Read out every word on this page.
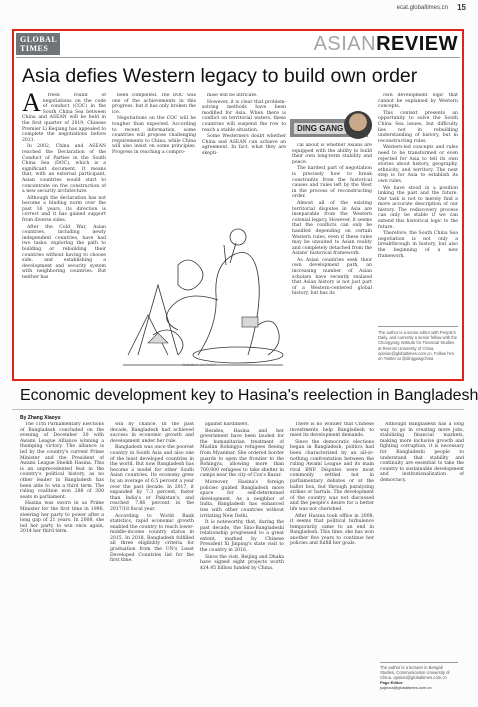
ecat.globaltimes.cn 15
GLOBAL
TIMES	ASIANREVIEW
Asia defies Western legacy to build own order
A	fresh round of negotiations on the code of conduct (COC) in the South China Sea between China and ASEAN will be held in the first quarter of 2019, Chinese Premier Li Keqiang has appealed to complete the negotiations before 2021.

In 2002, China and ASEAN reached the Declaration of the Conduct of Parties in the South China Sea (DOC), which is a significant document. It means that, with an external participant, Asian countries would start to concentrate on the construction of a new security architecture.

Although the declaration has not become a binding norm over the past 16 years, its direction is correct and it has gained support from diverse sides.

After the Cold War, Asian countries, including newly independent countries, have had two tasks: exploring the path to building or rebuilding their countries without having to choose side, and establishing a development and security system with neighboring countries. But neither has

been completed. The DOC was one of the achievements in this progress, but it has only broken the ice.

Negotiations on the COC will be tougher than expected. According to recent information, some countries will propose challenging requirements to China, while China will also insist on some principles. Progress in reaching a compro-

mise will be intricate.

However, it is clear that problem-solving methods have been modified for Asia. When there is conflict on territorial waters, these countries will suspend the row to reach a stable situation.

Some Westerners doubt whether China and ASEAN can achieve an agreement. In fact, what they are skepti-

DING GANG

cal about is whether Asians are equipped with the ability to build their own long-term stability and peace.

The hardest part of negotiation is precisely how to break constraints from the historical causes and rules left by the West in the process of reconstructing order.

Almost all of the existing territorial disputes in Asia are inseparable from the Western colonial legacy. However, it seems that the conflicts can only be handled depending on certain Western rules, even if these rules may be unsuited to Asian reality and completely detached from the Asians' historical framework.

As Asian countries seek their own development path, an increasing number of Asian scholars have recently realized that Asian history is not just part of a Western-centered global history, but has its

own development logic that cannot be explained by Western concepts.

This context presents an opportunity to solve the South China Sea issues, but difficulty lies not in rebuilding understanding of history, but in reconstructing rules.

Western-led concepts and rules need to be transformed or even rejected for Asia to tell its own stories about history, geography, ethnicity, and territory. The next step is for Asia to establish its own rules.

We have stood in a position linking the past and the future. Our task is not to merely find a more accurate description of our history. The rediscovery process can only be stable if we can extend this historical logic to the future.

Therefore, the South China Sea negotiation is not only a breakthrough in history, but also the beginning of a new framework.

The author is a senior editor with People's Daily, and currently a senior fellow with the Chongyang Institute for Financial Studies at Renmin University of China. opinion@globaltimes.com.cn. Follow him on Twitter at @dinggangchina
Illustration: Liu Rui/GT
Economic development key to Hasina's reelection in Bangladesh
By Zhang Xiaoyu

The 11th Parliamentary Elections of Bangladesh concluded on the evening of December 30 with Awami League Alliance winning a thumping victory. The alliance is led by the country's current Prime Minister and the President of Awami League Sheikh Hasina. This is an unprecedented feat in the country's political history, as no other leader in Bangladesh has been able to win a third term. The ruling coalition won 288 of 300 seats in parliament.

Hasina was sworn in as Prime Minister for the first time in 1996, steering her party to power after a long gap of 21 years. In 2008, she led her party to win once again, 2014 her third term.

win by chance. In the past decade, Bangladesh had achieved success in economic growth and development under her rule.

Bangladesh was once the poorest country in South Asia and also one of the least developed countries in the world. But now Bangladesh has become a model for other South Asian countries. Its economy grew by an average of 6.5 percent a year over the past decade. In 2017, it expanded by 7.3 percent, faster than India's or Pakistan's, and reached 7.86 percent in the 2017/18 fiscal year.

According to World Bank statistics, rapid economic growth enabled the country to reach lower-middle-income country status in 2015. In 2018, Bangladesh fulfilled all three eligibility criteria for graduation from the UN's Least Developed Countries list for the first time.

against hardliners.

Besides, Hasina and her government have been lauded for the humanitarian treatment of Muslim Rohingya refugees fleeing from Myanmar. She ordered border guards to open the frontier to the Rohingya, allowing more than 700,000 refugees to take shelter in camps near the city of Cox's Bazar.

Moreover, Hasina's foreign policies guided Bangladesh more space for self-determined development. As a neighbor of India, Bangladesh has enhanced ties with other countries without irritating New Delhi.

It is noteworthy that, during the past decade, the Sino-Bangladeshi relationship progressed to a great extent, marked by Chinese President Xi Jinping's state visit to the country in 2016.

Since the visit, Beijing and Dhaka have signed eight projects worth $24.45 billion funded by China.

There is no wonder that Chinese investments help Bangladesh to meet its development demands.

Since the democratic elections began in Bangladesh, politics had been characterized by an all-or-nothing confrontation between the ruling Awami League and its main rival BNP. Disputes were most commonly settled not in parliamentary debates or at the ballot box, but through paralyzing strikes or hartals. The development of the country was not discussed and the people's desire for a better life was not cherished.

After Hasina took office in 2008, it seems that political turbulence temporarily came to an end in Bangladesh. This time, she has won another five years to continue her policies and fulfill her goals.

Although Bangladesh has a long way to go in creating more jobs, stabilizing financial markets, making more inclusive growth and fighting corruption, it is necessary for Bangladeshi people to understand that stability and continuity are essential to take the country to sustainable development and institutionalization of democracy.

The author is a lecturer in Bengali Studies, Communication University of China. opinion@globaltimes.com.cn
Page Editor:
yujincui@globaltimes.com.cn
